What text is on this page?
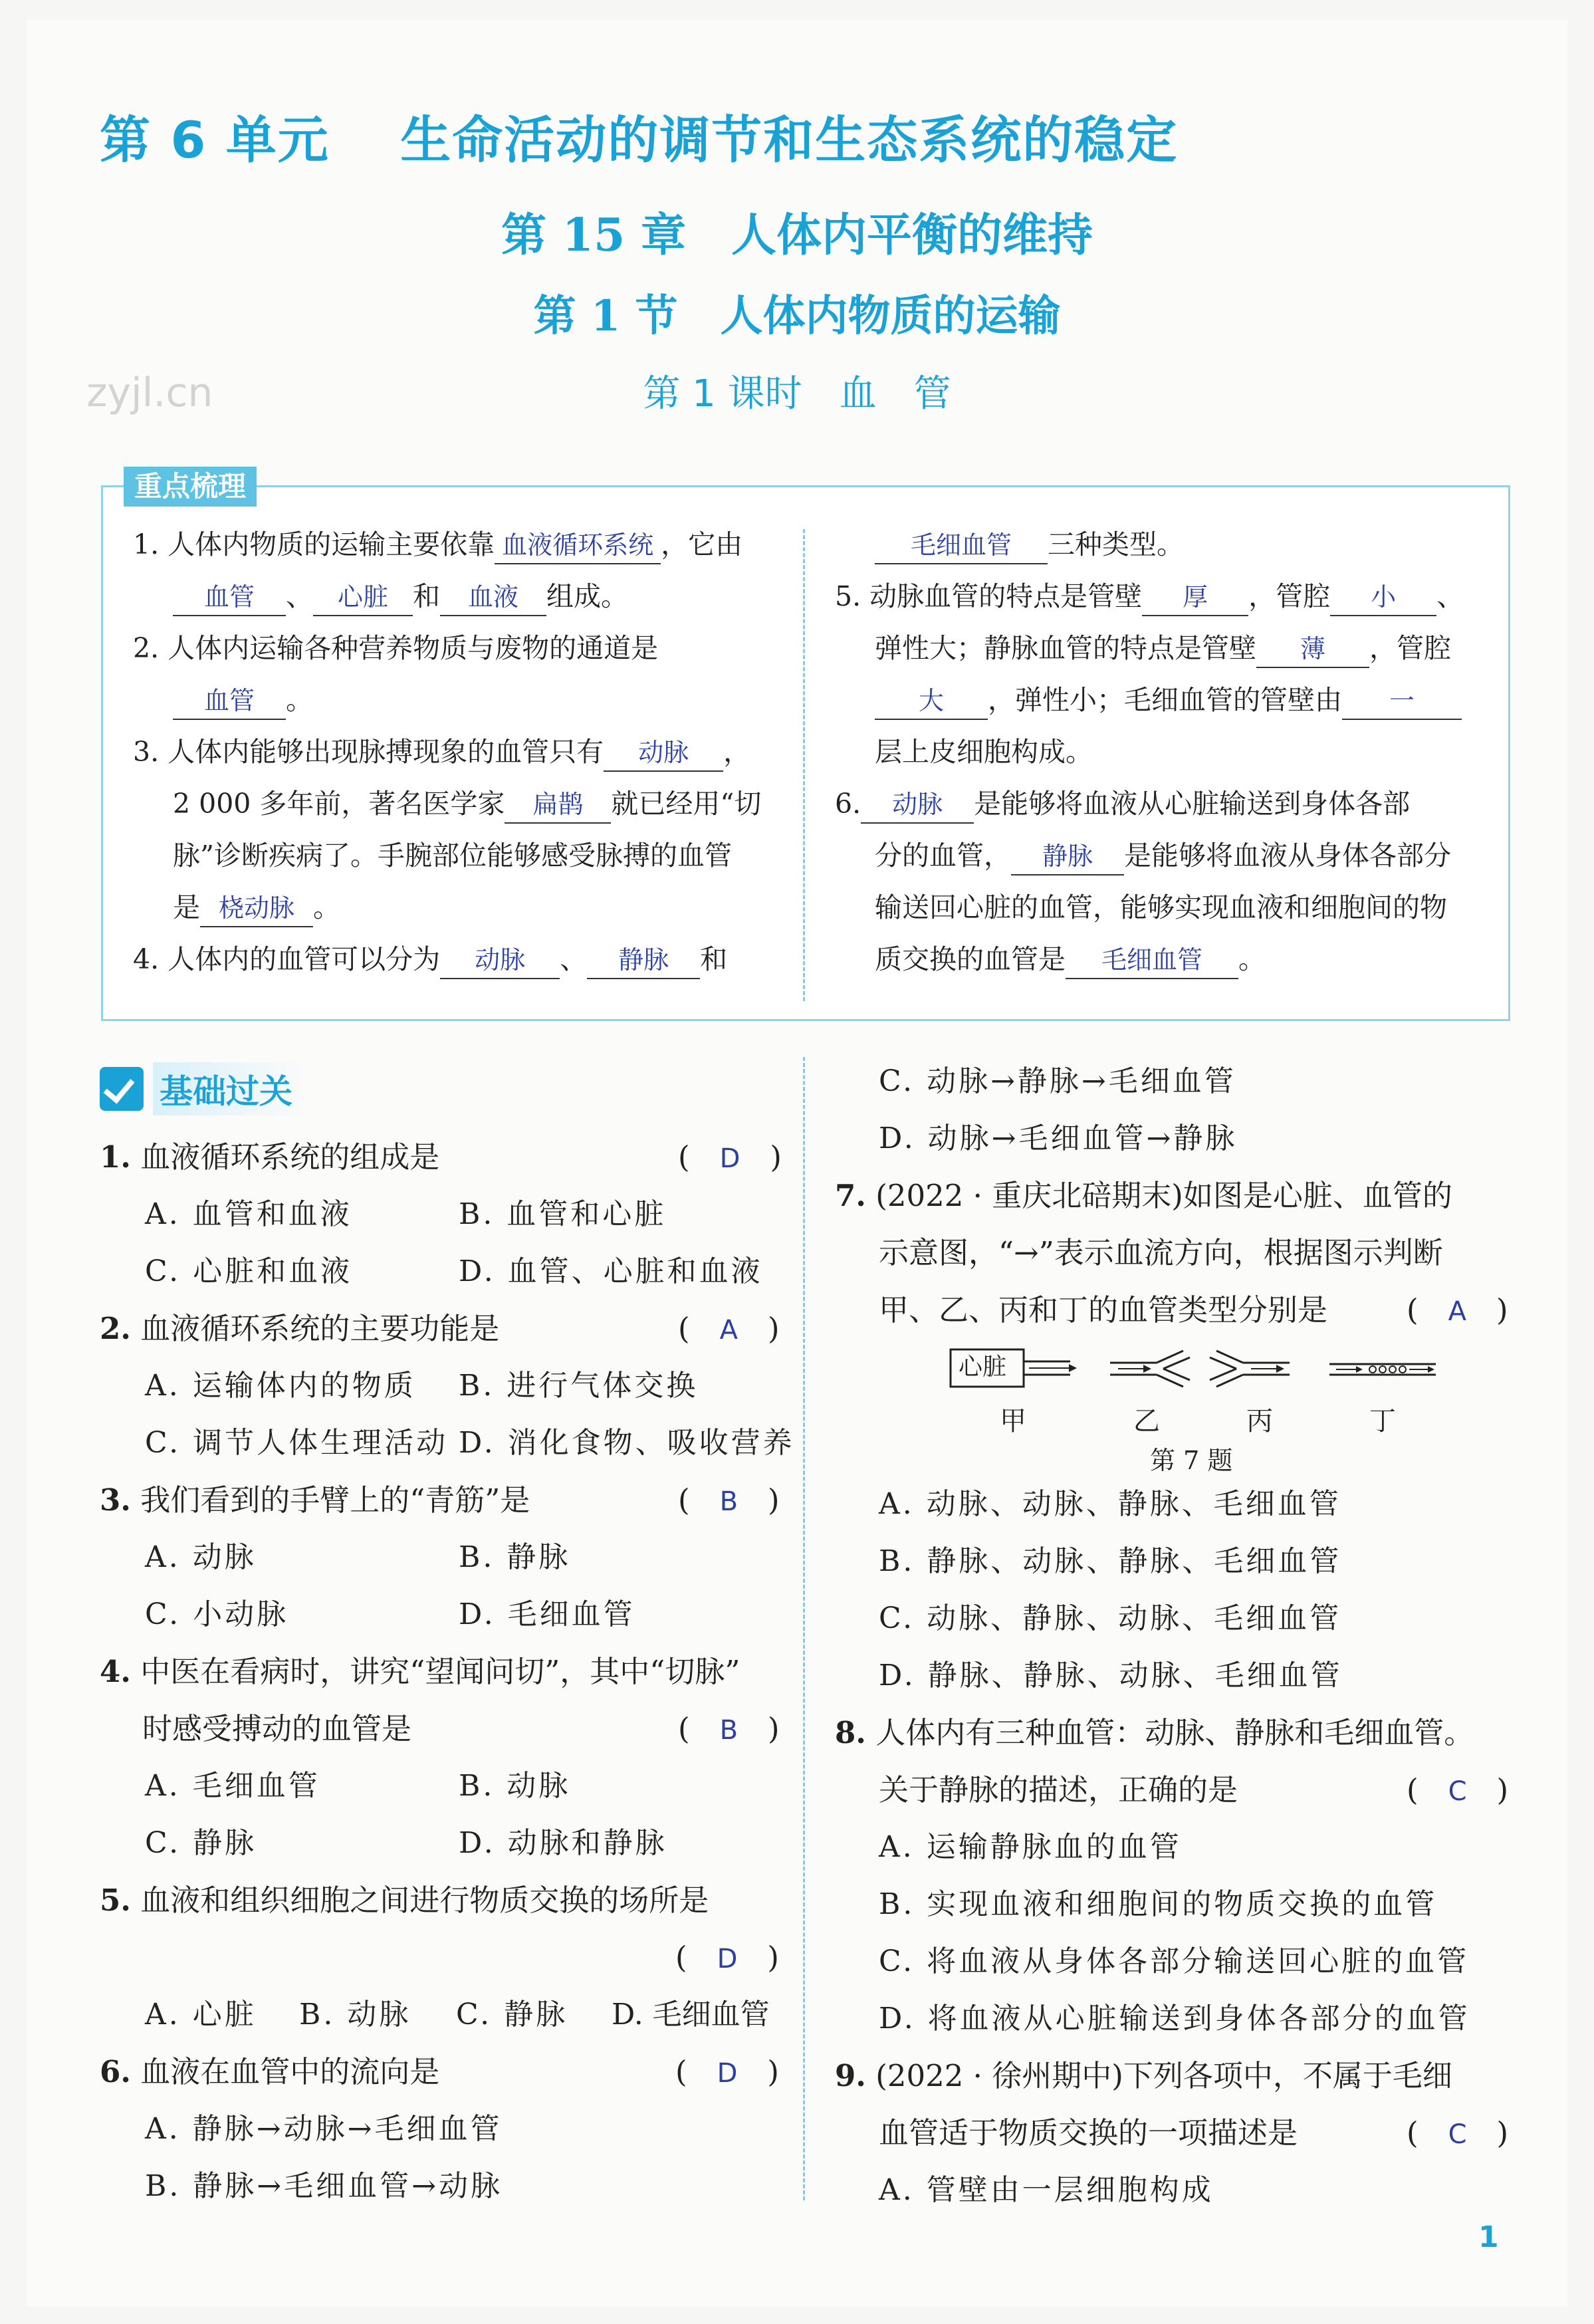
第 6 单元　 生命活动的调节和生态系统的稳定
第 15 章　人体内平衡的维持
第 1 节　人体内物质的运输
第 1 课时　血　管
zyjl.cn
重点梳理
1. 人体内物质的运输主要依靠 血液循环系统 ，它由
血管 、 心脏 和 血液 组成。
2. 人体内运输各种营养物质与废物的通道是
血管 。
3. 人体内能够出现脉搏现象的血管只有 动脉 ，
2 000 多年前，著名医学家 扁鹊 就已经用“切
脉”诊断疾病了。手腕部位能够感受脉搏的血管
是 桡动脉 。
4. 人体内的血管可以分为 动脉 、 静脉 和
毛细血管 三种类型。
5. 动脉血管的特点是管壁 厚 ，管腔 小 、
弹性大；静脉血管的特点是管壁 薄 ，管腔
大 ，弹性小；毛细血管的管壁由 一
层上皮细胞构成。
6. 动脉 是能够将血液从心脏输送到身体各部
分的血管， 静脉 是能够将血液从身体各部分
输送回心脏的血管，能够实现血液和细胞间的物
质交换的血管是 毛细血管 。
基础过关
1. 血液循环系统的组成是	(　D　)
A. 血管和血液	B. 血管和心脏
C. 心脏和血液	D. 血管、心脏和血液
2. 血液循环系统的主要功能是	(　A　)
A. 运输体内的物质 B. 进行气体交换
C. 调节人体生理活动 D. 消化食物、吸收营养
3. 我们看到的手臂上的“青筋”是	(　B　)
A. 动脉	B. 静脉
C. 小动脉	D. 毛细血管
4. 中医在看病时，讲究“望闻问切”，其中“切脉”
时感受搏动的血管是	(　B　)
A. 毛细血管	B. 动脉
C. 静脉	D. 动脉和静脉
5. 血液和组织细胞之间进行物质交换的场所是
(　D　)
A. 心脏 B. 动脉 C. 静脉 D. 毛细血管
6. 血液在血管中的流向是	(　D　)
A. 静脉→动脉→毛细血管
B. 静脉→毛细血管→动脉
C. 动脉→静脉→毛细血管
D. 动脉→毛细血管→静脉
7. (2022 · 重庆北碚期末)如图是心脏、血管的
示意图，“→”表示血流方向，根据图示判断
甲、乙、丙和丁的血管类型分别是	(　A　)
心脏
甲	乙	丙	丁
第 7 题
A. 动脉、动脉、静脉、毛细血管
B. 静脉、动脉、静脉、毛细血管
C. 动脉、静脉、动脉、毛细血管
D. 静脉、静脉、动脉、毛细血管
8. 人体内有三种血管：动脉、静脉和毛细血管。
关于静脉的描述，正确的是	(　C　)
A. 运输静脉血的血管
B. 实现血液和细胞间的物质交换的血管
C. 将血液从身体各部分输送回心脏的血管
D. 将血液从心脏输送到身体各部分的血管
9. (2022 · 徐州期中)下列各项中，不属于毛细
血管适于物质交换的一项描述是	(　C　)
A. 管壁由一层细胞构成
1
